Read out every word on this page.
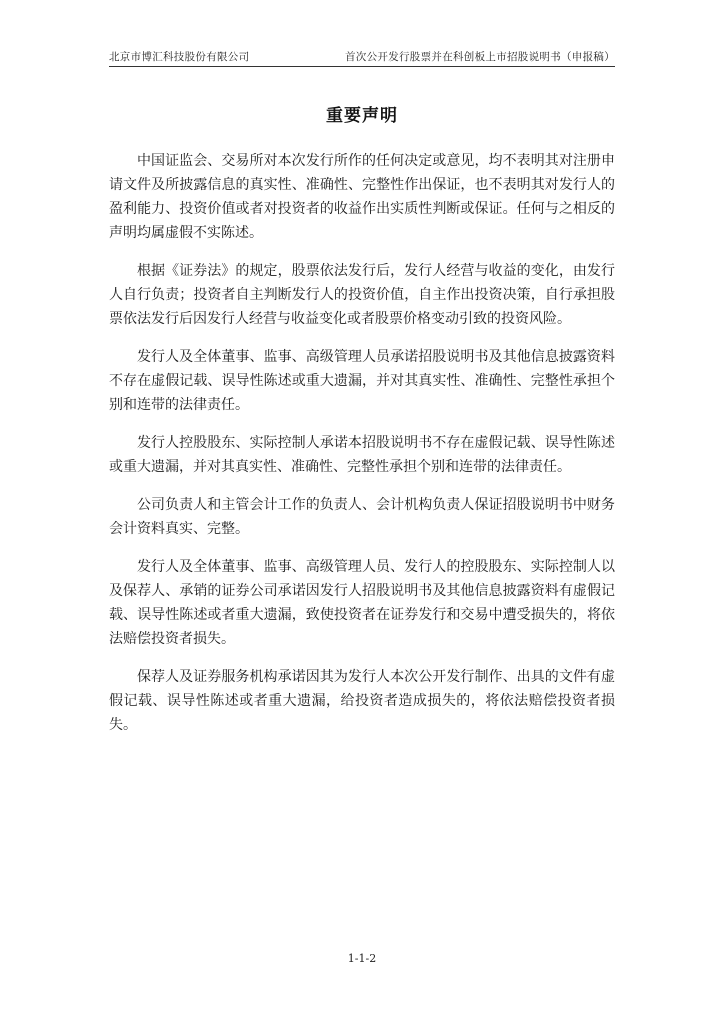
北京市博汇科技股份有限公司	首次公开发行股票并在科创板上市招股说明书（申报稿）
重要声明

中国证监会、交易所对本次发行所作的任何决定或意见，均不表明其对注册申请文件及所披露信息的真实性、准确性、完整性作出保证，也不表明其对发行人的盈利能力、投资价值或者对投资者的收益作出实质性判断或保证。任何与之相反的声明均属虚假不实陈述。

根据《证券法》的规定，股票依法发行后，发行人经营与收益的变化，由发行人自行负责；投资者自主判断发行人的投资价值，自主作出投资决策，自行承担股票依法发行后因发行人经营与收益变化或者股票价格变动引致的投资风险。

发行人及全体董事、监事、高级管理人员承诺招股说明书及其他信息披露资料不存在虚假记载、误导性陈述或重大遗漏，并对其真实性、准确性、完整性承担个别和连带的法律责任。

发行人控股股东、实际控制人承诺本招股说明书不存在虚假记载、误导性陈述或重大遗漏，并对其真实性、准确性、完整性承担个别和连带的法律责任。

公司负责人和主管会计工作的负责人、会计机构负责人保证招股说明书中财务会计资料真实、完整。

发行人及全体董事、监事、高级管理人员、发行人的控股股东、实际控制人以及保荐人、承销的证券公司承诺因发行人招股说明书及其他信息披露资料有虚假记载、误导性陈述或者重大遗漏，致使投资者在证券发行和交易中遭受损失的，将依法赔偿投资者损失。

保荐人及证券服务机构承诺因其为发行人本次公开发行制作、出具的文件有虚假记载、误导性陈述或者重大遗漏，给投资者造成损失的，将依法赔偿投资者损失。

1-1-2
